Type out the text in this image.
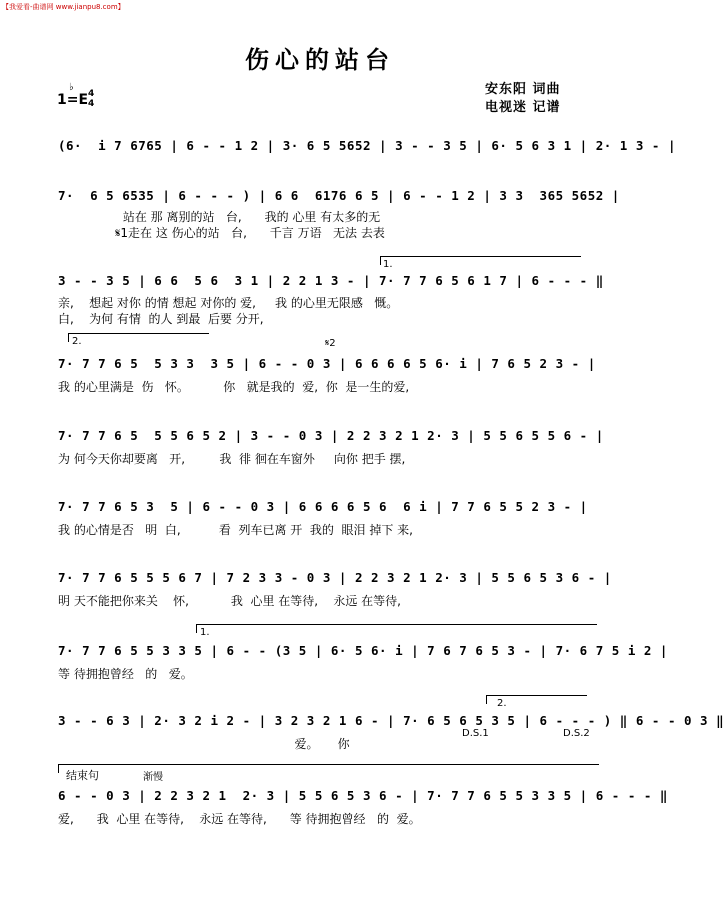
【我爱看-曲谱网 www.jianpu8.com】
伤心的站台
安东阳 词曲
电视迷 记谱
1=E
♭
4
4
1.
2.	𝄋2
1.
2.
D.S.1	D.S.2
结束句	渐慢
(6·  i 7 6765 | 6 - - 1 2 | 3· 6 5 5652 | 3 - - 3 5 | 6· 5 6 3 1 | 2· 1 3 - |
7·  6 5 6535 | 6 - - - ) | 6 6  6176 6 5 | 6 - - 1 2 | 3 3  365 5652 |
站在 那 离别的站   台,      我的 心里 有太多的无
𝄋1走在 这 伤心的站   台,      千言 万语   无法 去表
3 - - 3 5 | 6 6  5 6  3 1 | 2 2 1 3 - | 7· 7 7 6 5 6 1 7 | 6 - - - ‖
亲,    想起 对你 的情 想起 对你的 爱,     我 的心里无限感   慨。
白,    为何 有情  的人 到最  后要 分开,
7· 7 7 6 5  5 3 3  3 5 | 6 - - 0 3 | 6 6 6 6 5 6· i | 7 6 5 2 3 - |
我 的心里满是  伤   怀。         你   就是我的  爱,  你  是一生的爱,
7· 7 7 6 5  5 5 6 5 2 | 3 - - 0 3 | 2 2 3 2 1 2· 3 | 5 5 6 5 5 6 - |
为 何今天你却要离   开,         我  徘 徊在车窗外     向你 把手 摆,
7· 7 7 6 5 3  5 | 6 - - 0 3 | 6 6 6 6 5 6  6 i | 7 7 6 5 5 2 3 - |
我 的心情是否   明  白,          看  列车已离 开  我的  眼泪 掉下 来,
7· 7 7 6 5 5 5 6 7 | 7 2 3 3 - 0 3 | 2 2 3 2 1 2· 3 | 5 5 6 5 3 6 - |
明 天不能把你来关    怀,           我  心里 在等待,    永远 在等待,
7· 7 7 6 5 5 3 3 5 | 6 - - (3 5 | 6· 5 6· i | 7 6 7 6 5 3 - | 7· 6 7 5 i 2 |
等 待拥抱曾经   的   爱。
3 - - 6 3 | 2· 3 2 i 2 - | 3 2 3 2 1 6 - | 7· 6 5 6 5 3 5 | 6 - - - ) ‖ 6 - - 0 3 ‖
爱。     你
6 - - 0 3 | 2 2 3 2 1  2· 3 | 5 5 6 5 3 6 - | 7· 7 7 6 5 5 3 3 5 | 6 - - - ‖
爱,      我  心里 在等待,    永远 在等待,      等 待拥抱曾经   的  爱。
